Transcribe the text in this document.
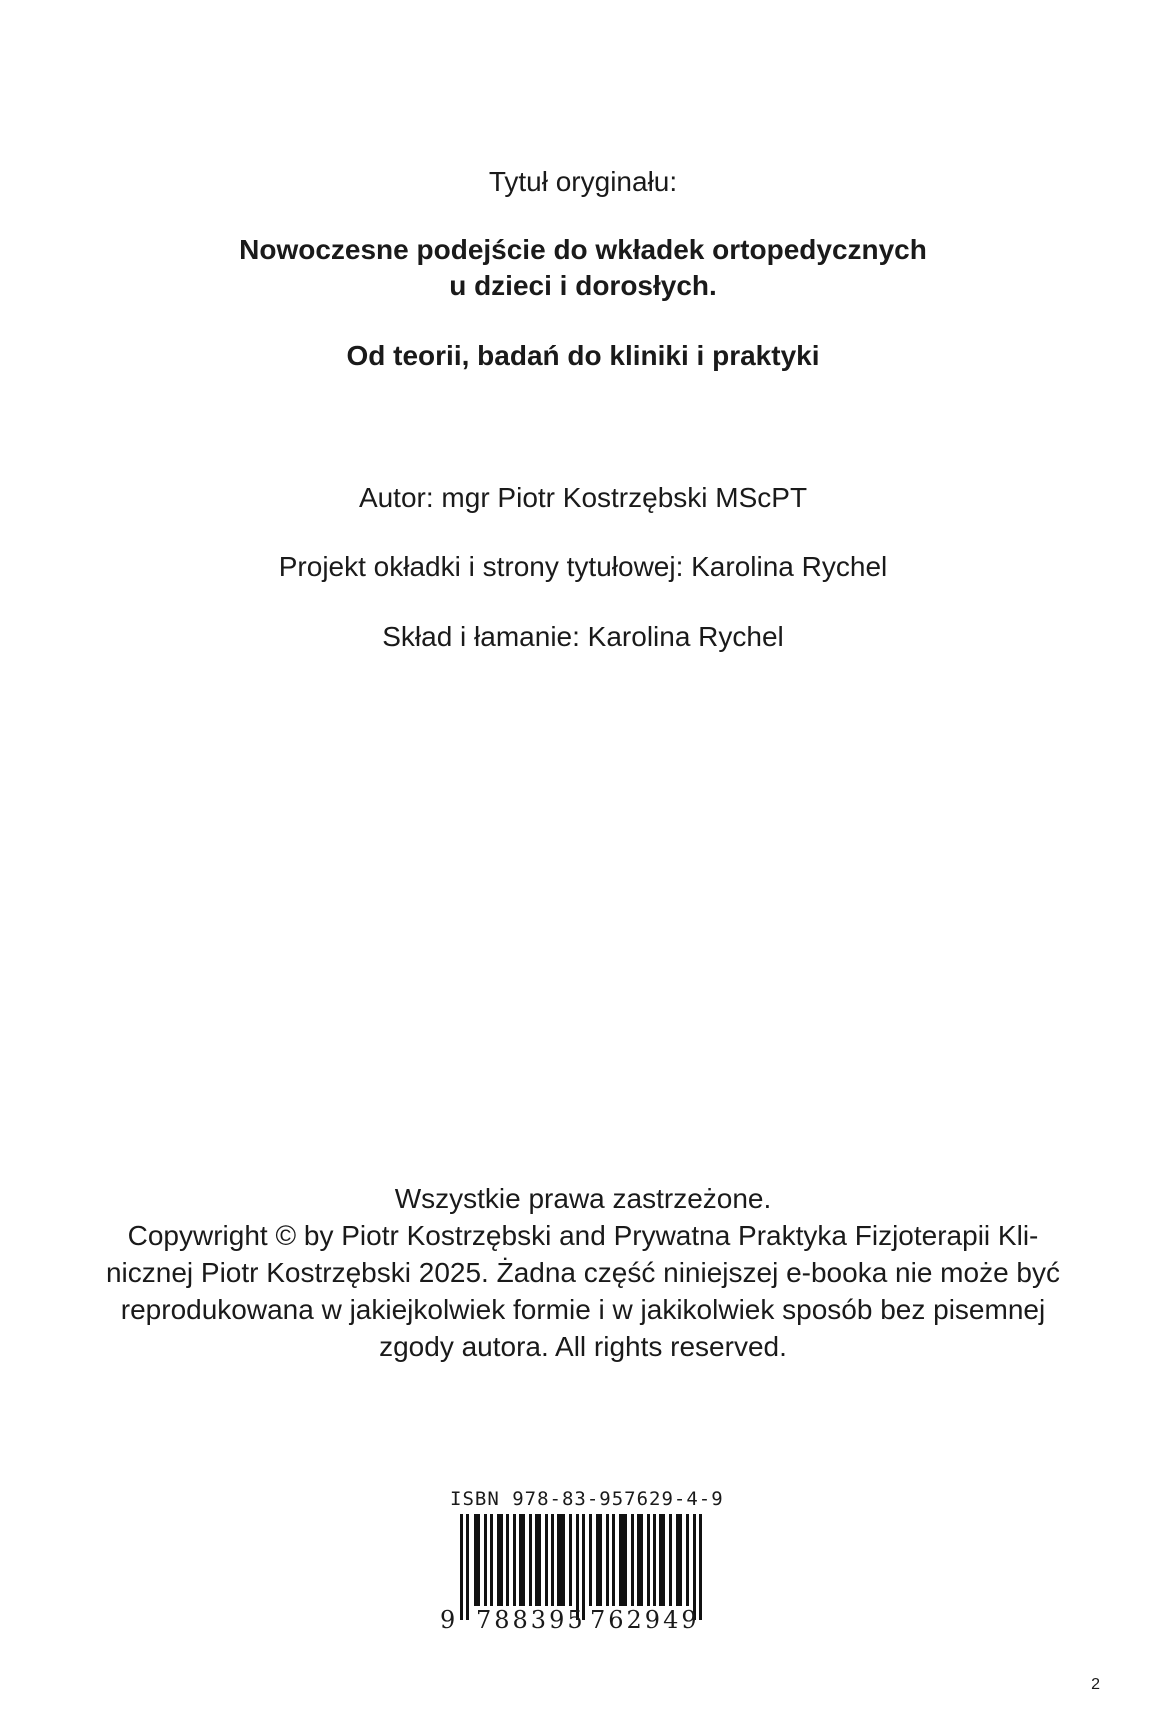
Tytuł oryginału:
Nowoczesne podejście do wkładek ortopedycznych
u dzieci i dorosłych.
Od teorii, badań do kliniki i praktyki
Autor: mgr Piotr Kostrzębski MScPT
Projekt okładki i strony tytułowej: Karolina Rychel
Skład i łamanie: Karolina Rychel
Wszystkie prawa zastrzeżone.
Copywright © by Piotr Kostrzębski and Prywatna Praktyka Fizjoterapii Kli-
nicznej Piotr Kostrzębski 2025. Żadna część niniejszej e-booka nie może być
reprodukowana w jakiejkolwiek formie i w jakikolwiek sposób bez pisemnej
zgody autora. All rights reserved.
ISBN 978-83-957629-4-9
9 788395 762949
2
